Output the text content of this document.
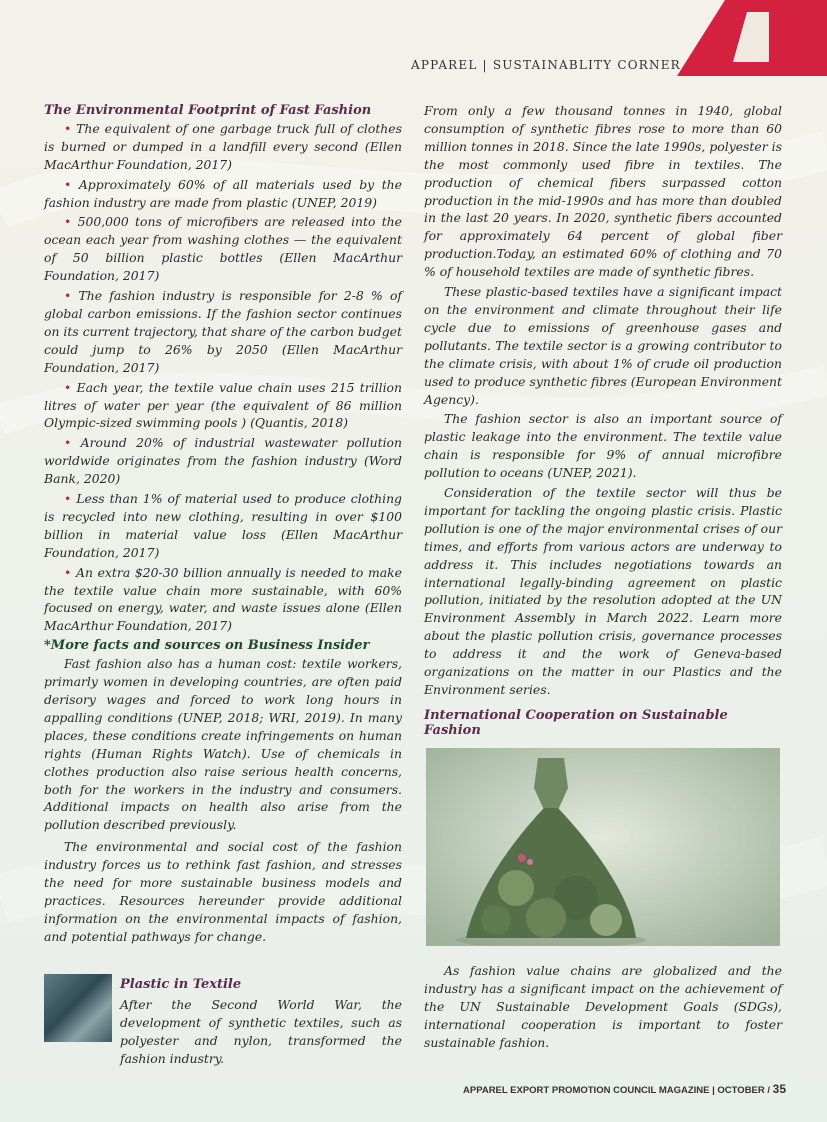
APPAREL | SUSTAINABLITY CORNER

The Environmental Footprint of Fast Fashion

• The equivalent of one garbage truck full of clothes is burned or dumped in a landfill every second (Ellen MacArthur Foundation, 2017)

• Approximately 60% of all materials used by the fashion industry are made from plastic (UNEP, 2019)

• 500,000 tons of microfibers are released into the ocean each year from washing clothes — the equivalent of 50 billion plastic bottles (Ellen MacArthur Foundation, 2017)

• The fashion industry is responsible for 2-8 % of global carbon emissions. If the fashion sector continues on its current trajectory, that share of the carbon budget could jump to 26% by 2050 (Ellen MacArthur Foundation, 2017)

• Each year, the textile value chain uses 215 trillion litres of water per year (the equivalent of 86 million Olympic-sized swimming pools ) (Quantis, 2018)

• Around 20% of industrial wastewater pollution worldwide originates from the fashion industry (Word Bank, 2020)

• Less than 1% of material used to produce clothing is recycled into new clothing, resulting in over $100 billion in material value loss (Ellen MacArthur Foundation, 2017)

• An extra $20-30 billion annually is needed to make the textile value chain more sustainable, with 60% focused on energy, water, and waste issues alone (Ellen MacArthur Foundation, 2017)

*More facts and sources on Business Insider

Fast fashion also has a human cost: textile workers, primarly women in developing countries, are often paid derisory wages and forced to work long hours in appalling conditions (UNEP, 2018; WRI, 2019). In many places, these conditions create infringements on human rights (Human Rights Watch). Use of chemicals in clothes production also raise serious health concerns, both for the workers in the industry and consumers. Additional impacts on health also arise from the pollution described previously.

The environmental and social cost of the fashion industry forces us to rethink fast fashion, and stresses the need for more sustainable business models and practices. Resources hereunder provide additional information on the environmental impacts of fashion, and potential pathways for change.

Plastic in Textile
After the Second World War, the development of synthetic textiles, such as polyester and nylon, transformed the fashion industry.

From only a few thousand tonnes in 1940, global consumption of synthetic fibres rose to more than 60 million tonnes in 2018. Since the late 1990s, polyester is the most commonly used fibre in textiles. The production of chemical fibers surpassed cotton production in the mid-1990s and has more than doubled in the last 20 years. In 2020, synthetic fibers accounted for approximately 64 percent of global fiber production.Today, an estimated 60% of clothing and 70 % of household textiles are made of synthetic fibres.

These plastic-based textiles have a significant impact on the environment and climate throughout their life cycle due to emissions of greenhouse gases and pollutants. The textile sector is a growing contributor to the climate crisis, with about 1% of crude oil production used to produce synthetic fibres (European Environment Agency).

The fashion sector is also an important source of plastic leakage into the environment. The textile value chain is responsible for 9% of annual microfibre pollution to oceans (UNEP, 2021).

Consideration of the textile sector will thus be important for tackling the ongoing plastic crisis. Plastic pollution is one of the major environmental crises of our times, and efforts from various actors are underway to address it. This includes negotiations towards an international legally-binding agreement on plastic pollution, initiated by the resolution adopted at the UN Environment Assembly in March 2022. Learn more about the plastic pollution crisis, governance processes to address it and the work of Geneva-based organizations on the matter in our Plastics and the Environment series.

International Cooperation on Sustainable Fashion

As fashion value chains are globalized and the industry has a significant impact on the achievement of the UN Sustainable Development Goals (SDGs), international cooperation is important to foster sustainable fashion.

APPAREL EXPORT PROMOTION COUNCIL MAGAZINE | OCTOBER / 35
